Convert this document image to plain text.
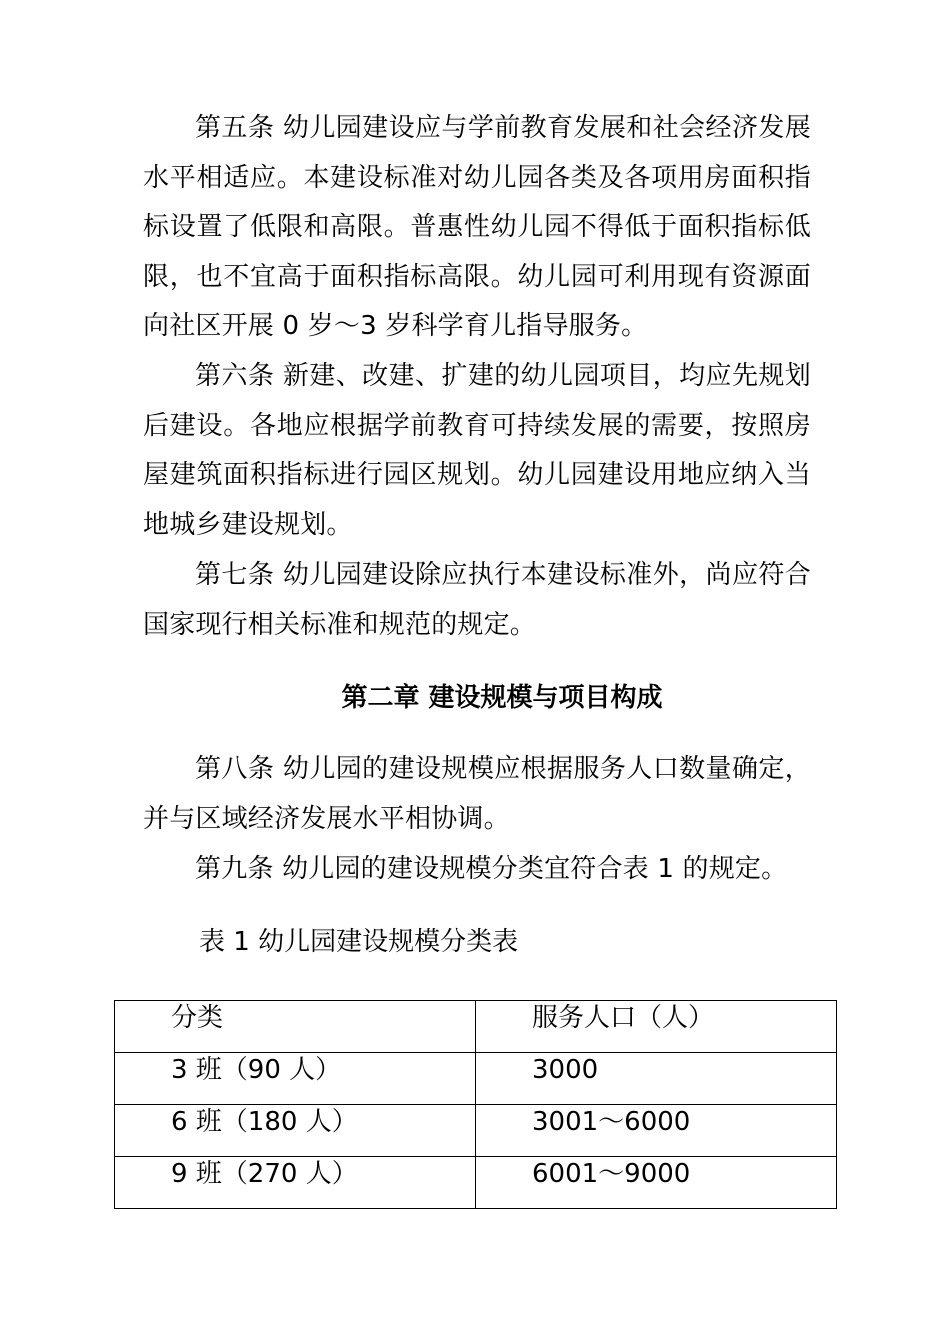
第五条 幼儿园建设应与学前教育发展和社会经济发展水平相适应。本建设标准对幼儿园各类及各项用房面积指标设置了低限和高限。普惠性幼儿园不得低于面积指标低限，也不宜高于面积指标高限。幼儿园可利用现有资源面向社区开展 0 岁～3 岁科学育儿指导服务。

第六条 新建、改建、扩建的幼儿园项目，均应先规划后建设。各地应根据学前教育可持续发展的需要，按照房屋建筑面积指标进行园区规划。幼儿园建设用地应纳入当地城乡建设规划。

第七条 幼儿园建设除应执行本建设标准外，尚应符合国家现行相关标准和规范的规定。

第二章 建设规模与项目构成

第八条 幼儿园的建设规模应根据服务人口数量确定，并与区域经济发展水平相协调。

第九条 幼儿园的建设规模分类宜符合表 1 的规定。

表 1 幼儿园建设规模分类表

分类	服务人口（人）
3 班（90 人）	3000
6 班（180 人）	3001～6000
9 班（270 人）	6001～9000
